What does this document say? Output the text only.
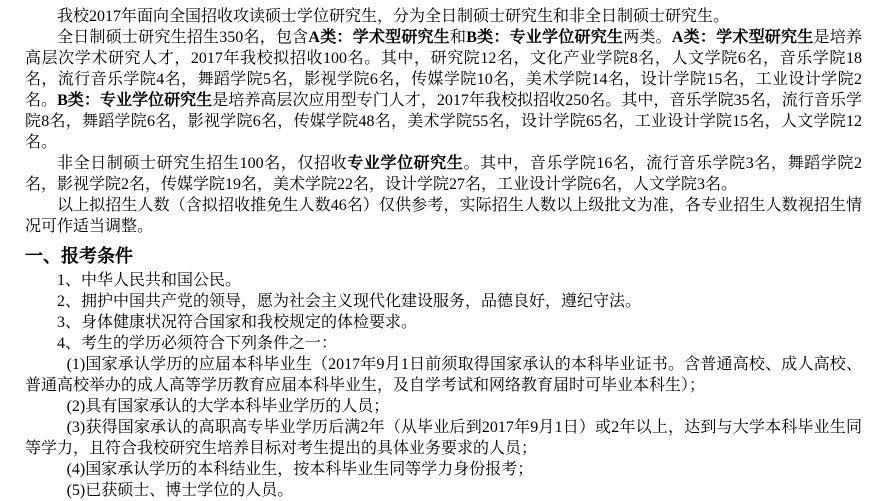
我校2017年面向全国招收攻读硕士学位研究生，分为全日制硕士研究生和非全日制硕士研究生。

全日制硕士研究生招生350名，包含A类：学术型研究生和B类：专业学位研究生两类。A类：学术型研究生是培养高层次学术研究人才，2017年我校拟招收100名。其中，研究院12名，文化产业学院8名，人文学院6名，音乐学院18名，流行音乐学院4名，舞蹈学院5名，影视学院6名，传媒学院10名，美术学院14名，设计学院15名，工业设计学院2名。B类：专业学位研究生是培养高层次应用型专门人才，2017年我校拟招收250名。其中，音乐学院35名，流行音乐学院8名，舞蹈学院6名，影视学院6名，传媒学院48名，美术学院55名，设计学院65名，工业设计学院15名，人文学院12名。

非全日制硕士研究生招生100名，仅招收专业学位研究生。其中，音乐学院16名，流行音乐学院3名，舞蹈学院2名，影视学院2名，传媒学院19名，美术学院22名，设计学院27名，工业设计学院6名，人文学院3名。

以上拟招生人数（含拟招收推免生人数46名）仅供参考，实际招生人数以上级批文为准，各专业招生人数视招生情况可作适当调整。

一、报考条件

1、中华人民共和国公民。

2、拥护中国共产党的领导，愿为社会主义现代化建设服务，品德良好，遵纪守法。

3、身体健康状况符合国家和我校规定的体检要求。

4、考生的学历必须符合下列条件之一：

(1)国家承认学历的应届本科毕业生（2017年9月1日前须取得国家承认的本科毕业证书。含普通高校、成人高校、普通高校举办的成人高等学历教育应届本科毕业生，及自学考试和网络教育届时可毕业本科生）；

(2)具有国家承认的大学本科毕业学历的人员；

(3)获得国家承认的高职高专毕业学历后满2年（从毕业后到2017年9月1日）或2年以上，达到与大学本科毕业生同等学力，且符合我校研究生培养目标对考生提出的具体业务要求的人员；

(4)国家承认学历的本科结业生，按本科毕业生同等学力身份报考；

(5)已获硕士、博士学位的人员。
